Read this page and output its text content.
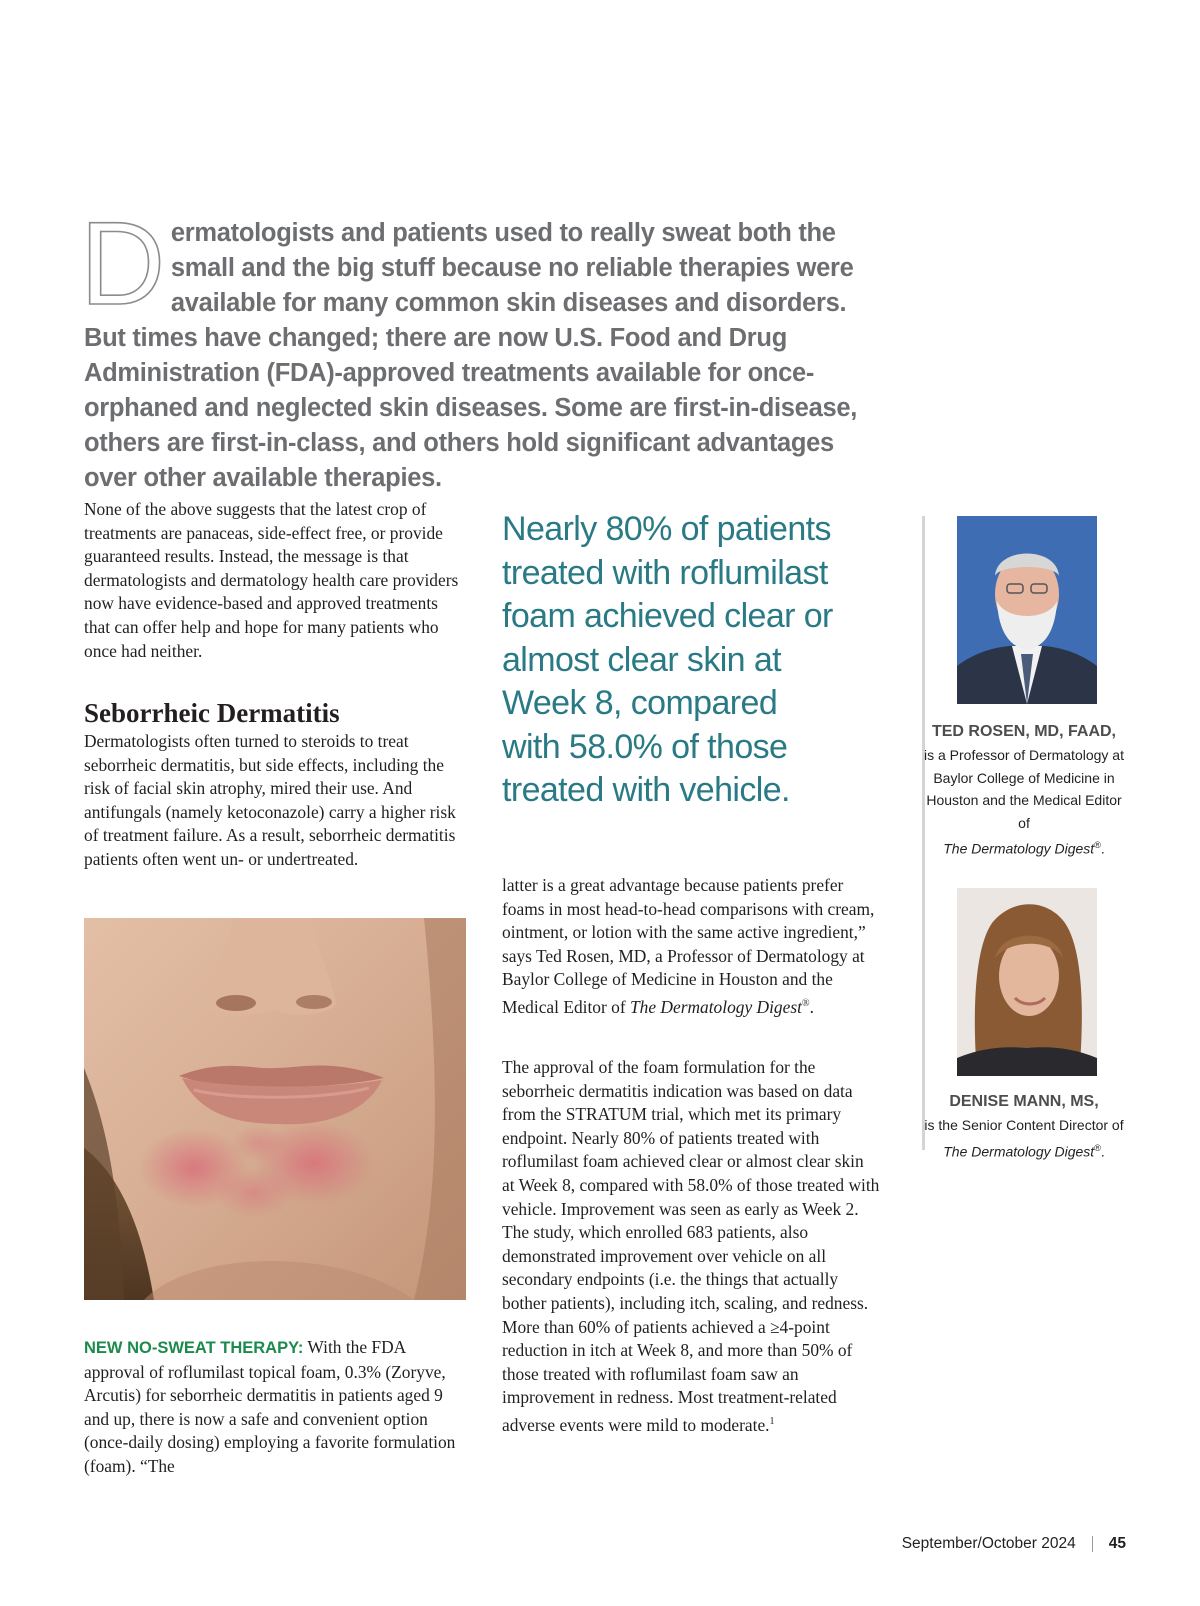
D ermatologists and patients used to really sweat both the small and the big stuff because no reliable therapies were available for many common skin diseases and disorders. But times have changed; there are now U.S. Food and Drug Administration (FDA)-approved treatments available for once-orphaned and neglected skin diseases. Some are first-in-disease, others are first-in-class, and others hold significant advantages over other available therapies.
None of the above suggests that the latest crop of treatments are panaceas, side-effect free, or provide guaranteed results. Instead, the message is that dermatologists and dermatology health care providers now have evidence-based and approved treatments that can offer help and hope for many patients who once had neither.
Seborrheic Dermatitis
Dermatologists often turned to steroids to treat seborrheic dermatitis, but side effects, including the risk of facial skin atrophy, mired their use. And antifungals (namely ketoconazole) carry a higher risk of treatment failure. As a result, seborrheic dermatitis patients often went un- or undertreated.
NEW NO-SWEAT THERAPY: With the FDA approval of roflumilast topical foam, 0.3% (Zoryve, Arcutis) for seborrheic dermatitis in patients aged 9 and up, there is now a safe and convenient option (once-daily dosing) employing a favorite formulation (foam). “The
Nearly 80% of patients treated with roflumilast foam achieved clear or almost clear skin at Week 8, compared with 58.0% of those treated with vehicle.
latter is a great advantage because patients prefer foams in most head-to-head comparisons with cream, ointment, or lotion with the same active ingredient,” says Ted Rosen, MD, a Professor of Dermatology at Baylor College of Medicine in Houston and the Medical Editor of The Dermatology Digest®.
The approval of the foam formulation for the seborrheic dermatitis indication was based on data from the STRATUM trial, which met its primary endpoint. Nearly 80% of patients treated with roflumilast foam achieved clear or almost clear skin at Week 8, compared with 58.0% of those treated with vehicle. Improvement was seen as early as Week 2. The study, which enrolled 683 patients, also demonstrated improvement over vehicle on all secondary endpoints (i.e. the things that actually bother patients), including itch, scaling, and redness. More than 60% of patients achieved a ≥4-point reduction in itch at Week 8, and more than 50% of those treated with roflumilast foam saw an improvement in redness. Most treatment-related adverse events were mild to moderate.$^1$
TED ROSEN, MD, FAAD,
is a Professor of Dermatology at Baylor College of Medicine in Houston and the Medical Editor of
The Dermatology Digest®.
DENISE MANN, MS,
is the Senior Content Director of
The Dermatology Digest®.
September/October 2024 45
